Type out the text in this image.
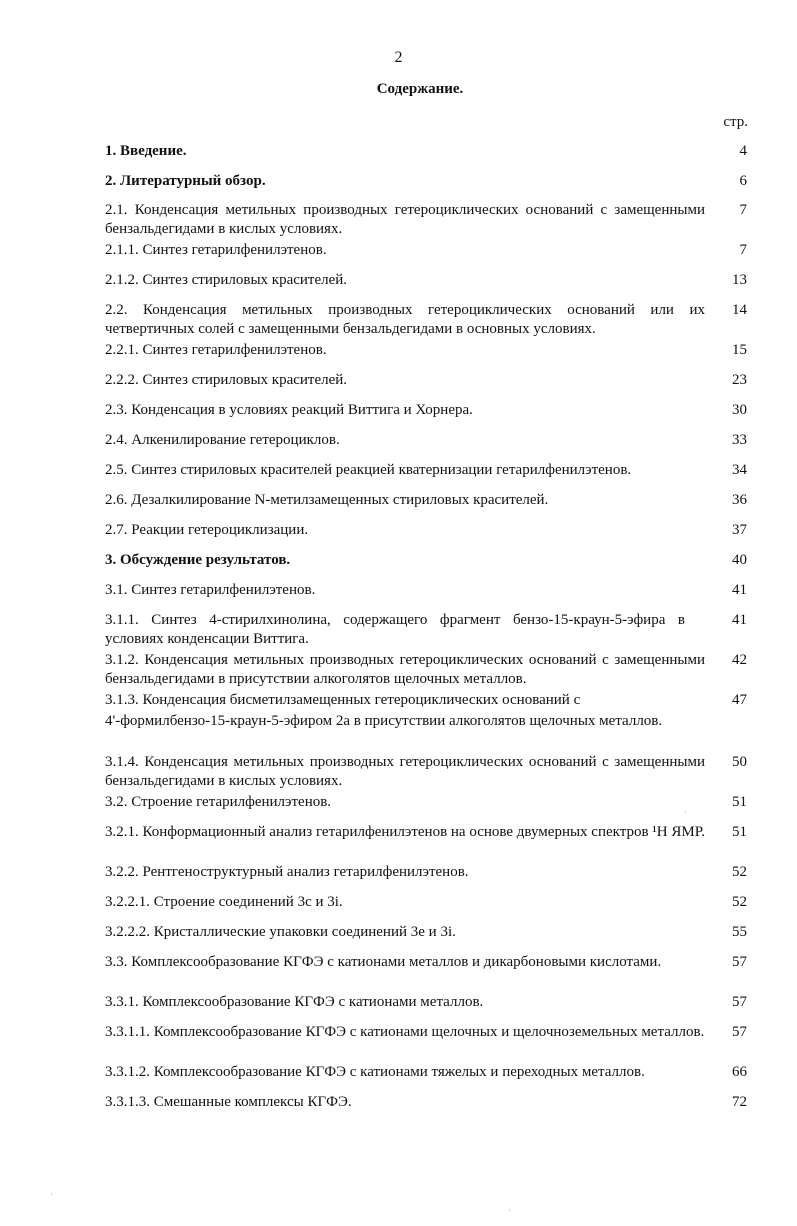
2
Содержание.
стр.
1. Введение.	4
2. Литературный обзор.	6
2.1. Конденсация метильных производных гетероциклических оснований с замещенными бензальдегидами в кислых условиях.
7
2.1.1. Синтез гетарилфенилэтенов.	7
2.1.2. Синтез стириловых красителей.	13
2.2. Конденсация метильных производных гетероциклических оснований или их четвертичных солей с замещенными бензальдегидами в основных условиях.
14
2.2.1. Синтез гетарилфенилэтенов.	15
2.2.2. Синтез стириловых красителей.	23
2.3. Конденсация в условиях реакций Виттига и Хорнера.	30
2.4. Алкенилирование гетероциклов.	33
2.5. Синтез стириловых красителей реакцией кватернизации гетарилфенилэтенов.	34
2.6. Дезалкилирование N-метилзамещенных стириловых красителей.	36
2.7. Реакции гетероциклизации.	37
3. Обсуждение результатов.	40
3.1. Синтез гетарилфенилэтенов.	41
3.1.1. Синтез 4-стирилхинолина, содержащего фрагмент бензо-15-краун-5-эфира в условиях конденсации Виттига.
41
3.1.2. Конденсация метильных производных гетероциклических оснований с замещенными бензальдегидами в присутствии алкоголятов щелочных металлов.
42
3.1.3. Конденсация бисметилзамещенных гетероциклических оснований с
4'-формилбензо-15-краун-5-эфиром 2а в присутствии алкоголятов щелочных металлов.
47
3.1.4. Конденсация метильных производных гетероциклических оснований с замещенными бензальдегидами в кислых условиях.
50
3.2. Строение гетарилфенилэтенов.	51
3.2.1. Конформационный анализ гетарилфенилэтенов на основе двумерных спектров ¹H ЯМР.	51
3.2.2. Рентгеноструктурный анализ гетарилфенилэтенов.	52
3.2.2.1. Строение соединений 3с и 3i.	52
3.2.2.2. Кристаллические упаковки соединений 3е и 3i.	55
3.3. Комплексообразование КГФЭ с катионами металлов и дикарбоновыми кислотами.	57
3.3.1. Комплексообразование КГФЭ с катионами металлов.	57
3.3.1.1. Комплексообразование КГФЭ с катионами щелочных и щелочноземельных металлов.	57
3.3.1.2. Комплексообразование КГФЭ с катионами тяжелых и переходных металлов.	66
3.3.1.3. Смешанные комплексы КГФЭ.	72
·
·
·
